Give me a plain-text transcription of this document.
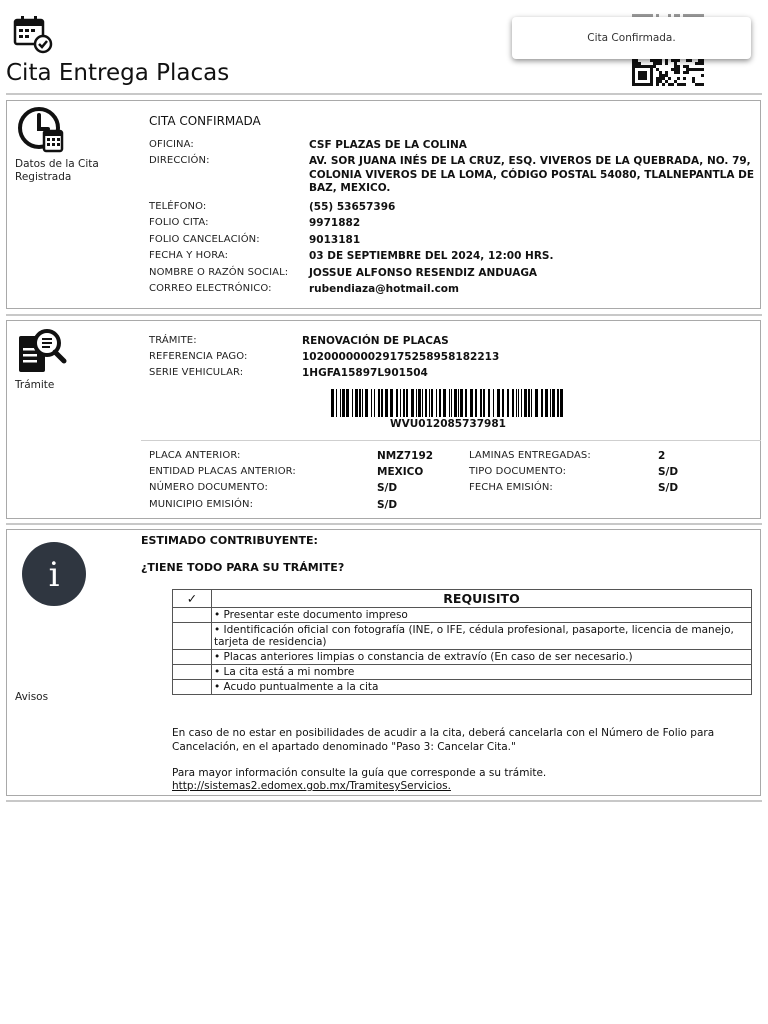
Cita Entrega Placas
Cita Confirmada.
Datos de la Cita Registrada
CITA CONFIRMADA
OFICINA:	CSF PLAZAS DE LA COLINA
DIRECCIÓN:	AV. SOR JUANA INÉS DE LA CRUZ, ESQ. VIVEROS DE LA QUEBRADA, NO. 79, COLONIA VIVEROS DE LA LOMA, CÓDIGO POSTAL 54080, TLALNEPANTLA DE BAZ, MEXICO.
TELÉFONO:	(55) 53657396
FOLIO CITA:	9971882
FOLIO CANCELACIÓN:	9013181
FECHA Y HORA:	03 DE SEPTIEMBRE DEL 2024, 12:00 HRS.
NOMBRE O RAZÓN SOCIAL: JOSSUE ALFONSO RESENDIZ ANDUAGA
CORREO ELECTRÓNICO:	rubendiaza@hotmail.com
Trámite
TRÁMITE:	RENOVACIÓN DE PLACAS
REFERENCIA PAGO:	1020000000291752589581822​13
SERIE VEHICULAR:	1HGFA15897L901504
WVU012085737981
PLACA ANTERIOR:	NMZ7192
ENTIDAD PLACAS ANTERIOR:	MEXICO
NÚMERO DOCUMENTO:	S/D
MUNICIPIO EMISIÓN:	S/D
LAMINAS ENTREGADAS:	2
TIPO DOCUMENTO:	S/D
FECHA EMISIÓN:	S/D
i
Avisos
ESTIMADO CONTRIBUYENTE:
¿TIENE TODO PARA SU TRÁMITE?
✓	REQUISITO
	• Presentar este documento impreso
	• Identificación oficial con fotografía (INE, o IFE, cédula profesional, pasaporte, licencia de manejo, tarjeta de residencia)
	• Placas anteriores limpias o constancia de extravío (En caso de ser necesario.)
	• La cita está a mi nombre
	• Acudo puntualmente a la cita
En caso de no estar en posibilidades de acudir a la cita, deberá cancelarla con el Número de Folio para Cancelación, en el apartado denominado "Paso 3: Cancelar Cita."
Para mayor información consulte la guía que corresponde a su trámite.
http://sistemas2.edomex.gob.mx/TramitesyServicios.
